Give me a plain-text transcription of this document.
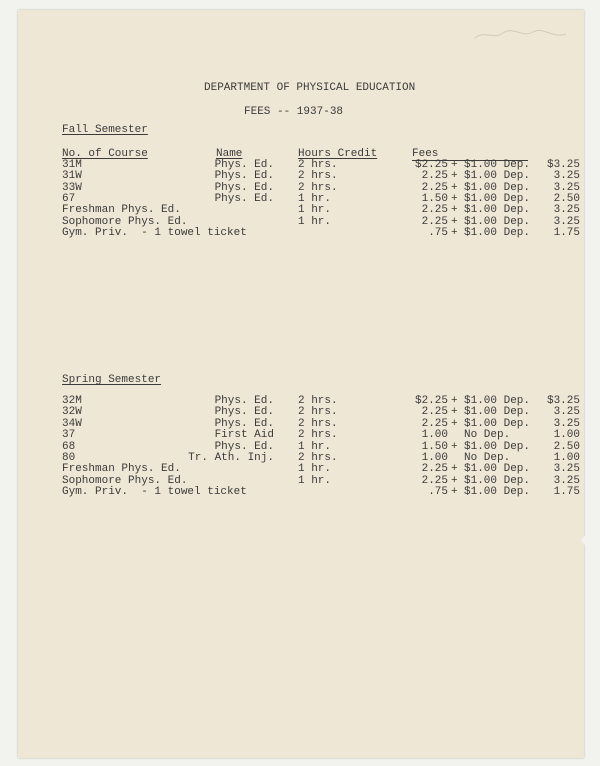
DEPARTMENT OF PHYSICAL EDUCATION
FEES -- 1937-38
Fall Semester
No. of Course	Name	Hours Credit	Fees
31M	Phys. Ed. 2 hrs.	$2.25 + $1.00 Dep.	$3.25
31W	Phys. Ed. 2 hrs.	2.25 + $1.00 Dep.	3.25
33W	Phys. Ed. 2 hrs.	2.25 + $1.00 Dep.	3.25
67	Phys. Ed. 1 hr.	1.50 + $1.00 Dep.	2.50
Freshman Phys. Ed.	1 hr.	2.25 + $1.00 Dep.	3.25
Sophomore Phys. Ed.	1 hr.	2.25 + $1.00 Dep.	3.25
Gym. Priv.  - 1 towel ticket	.75 + $1.00 Dep.	1.75
Spring Semester
32M	Phys. Ed. 2 hrs.	$2.25 + $1.00 Dep.	$3.25
32W	Phys. Ed. 2 hrs.	2.25 + $1.00 Dep.	3.25
34W	Phys. Ed. 2 hrs.	2.25 + $1.00 Dep.	3.25
37	First Aid 2 hrs.	1.00 No Dep.	1.00
68	Phys. Ed. 1 hr.	1.50 + $1.00 Dep.	2.50
80	Tr. Ath. Inj. 2 hrs.	1.00 No Dep.	1.00
Freshman Phys. Ed.	1 hr.	2.25 + $1.00 Dep.	3.25
Sophomore Phys. Ed.	1 hr.	2.25 + $1.00 Dep.	3.25
Gym. Priv.  - 1 towel ticket	.75 + $1.00 Dep.	1.75
